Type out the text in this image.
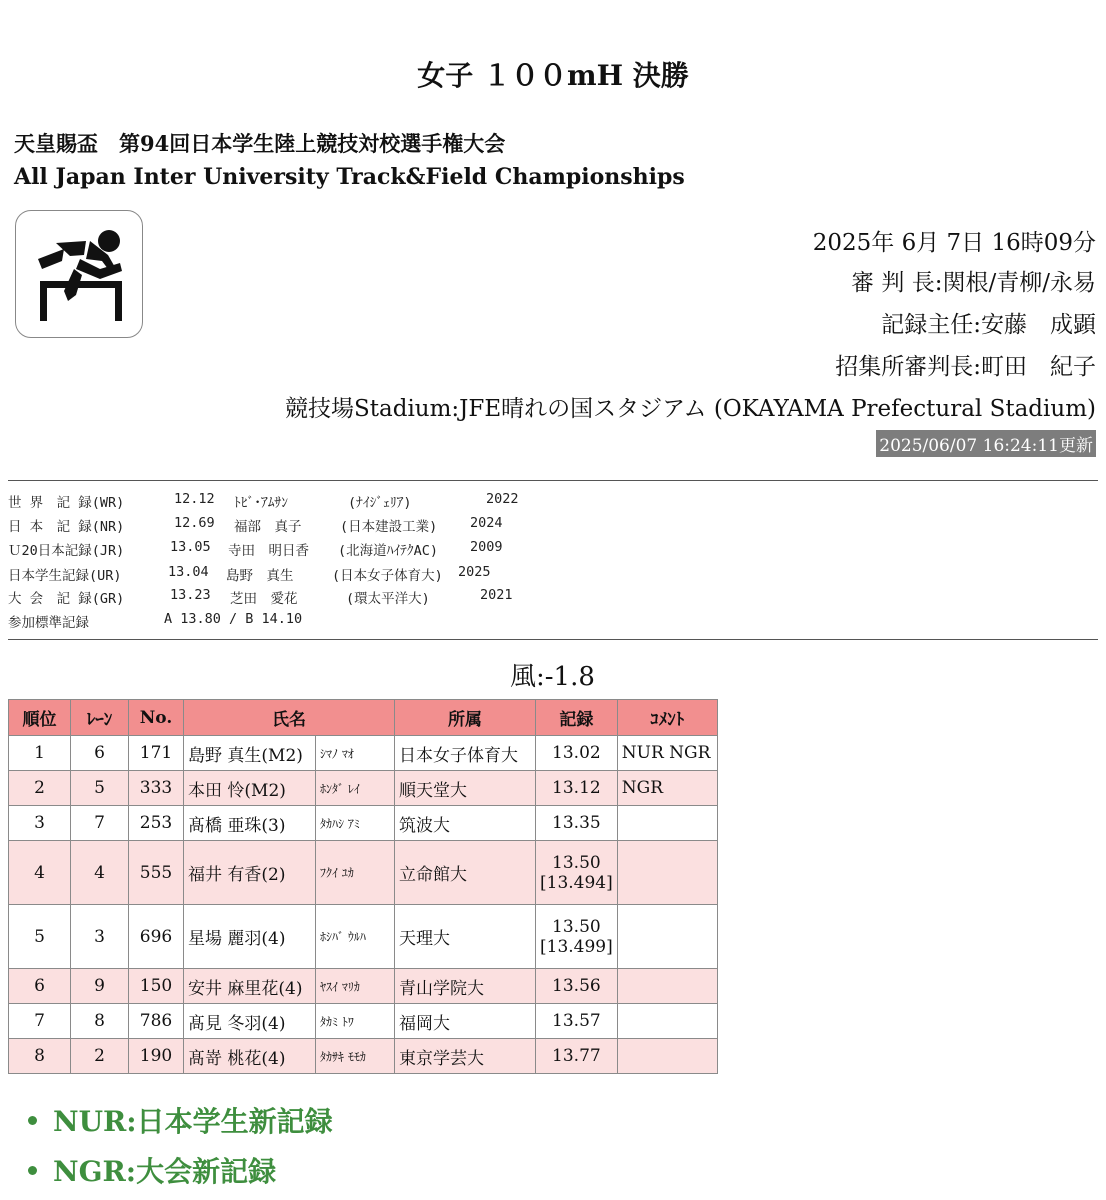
女子 １００mH 決勝
天皇賜盃　第94回日本学生陸上競技対校選手権大会
All Japan Inter University Track&Field Championships
2025年 6月 7日 16時09分
審 判 長:関根/青柳/永易
記録主任:安藤　成顕
招集所審判長:町田　紀子
競技場Stadium:JFE晴れの国スタジアム (OKAYAMA Prefectural Stadium)
2025/06/07 16:24:11更新
世 界　記 録(WR)	12.12 ﾄﾋﾞ･ｱﾑｻﾝ	(ﾅｲｼﾞｪﾘｱ)	2022
日 本　記 録(NR)	12.69 福部　真子	(日本建設工業) 2024
Ｕ20日本記録(JR)	13.05 寺田　明日香 (北海道ﾊｲﾃｸAC) 2009
日本学生記録(UR)	13.04 島野　真生	(日本女子体育大) 2025
大 会　記 録(GR)	13.23 芝田　愛花	(環太平洋大)	2021
参加標準記録	A 13.80 / B 14.10
風:-1.8
順位	ﾚｰﾝ	No.	氏名		所属	記録	ｺﾒﾝﾄ
1	6	171	島野 真生(M2)	ｼﾏﾉ ﾏｵ	日本女子体育大	13.02	NUR NGR
2	5	333	本田 怜(M2)	ﾎﾝﾀﾞ ﾚｲ	順天堂大	13.12	NGR
3	7	253	髙橋 亜珠(3)	ﾀｶﾊｼ ｱﾐ	筑波大	13.35	

4	4	555	福井 有香(2)	ﾌｸｲ ﾕｶ	立命館大	13.50
[13.494]	

5	3	696	星場 麗羽(4)	ﾎｼﾊﾞ ｳﾙﾊ	天理大	13.50
[13.499]	

6	9	150	安井 麻里花(4)	ﾔｽｲ ﾏﾘｶ	青山学院大	13.56	

7	8	786	髙見 冬羽(4)	ﾀｶﾐ ﾄﾜ	福岡大	13.57	

8	2	190	髙嵜 桃花(4)	ﾀｶｻｷ ﾓﾓｶ	東京学芸大	13.77	

NUR:日本学生新記録
NGR:大会新記録
